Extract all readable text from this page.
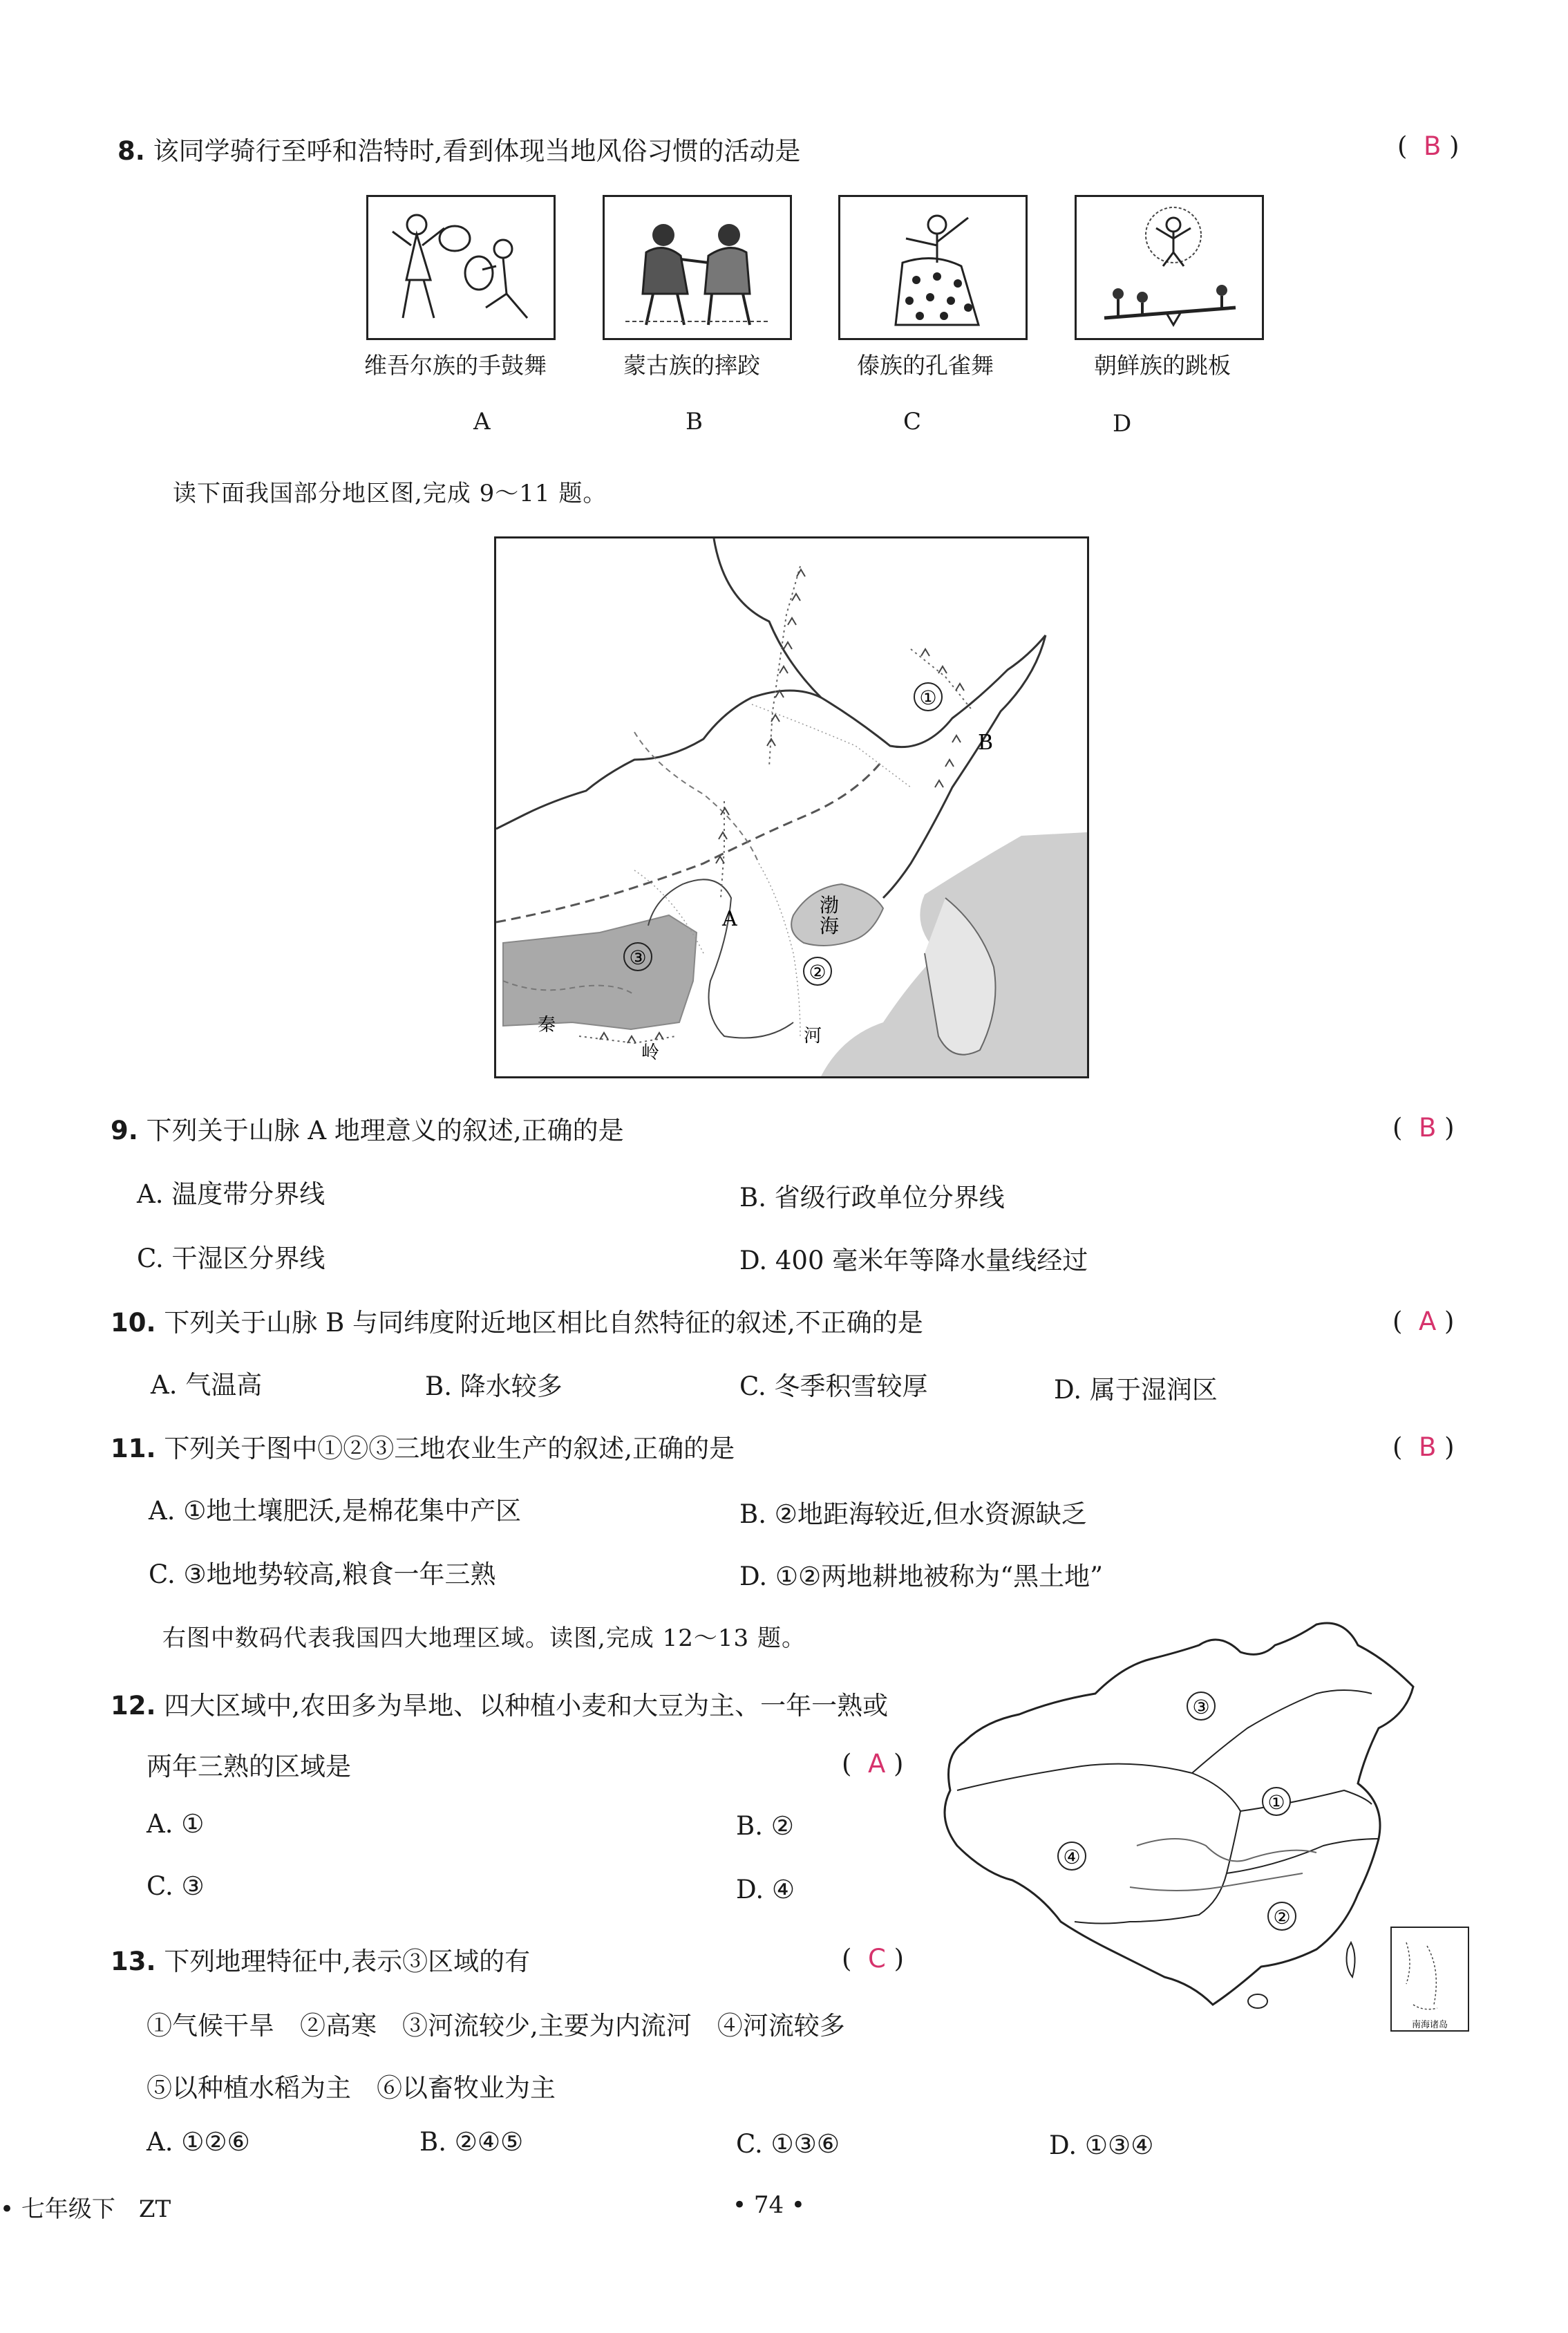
8. 该同学骑行至呼和浩特时,看到体现当地风俗习惯的活动是	(  B )
维吾尔族的手鼓舞	蒙古族的摔跤	傣族的孔雀舞	朝鲜族的跳板
A	B	C	D
读下面我国部分地区图,完成 9～11 题。
①
②
③
B
A
渤
海
秦
岭
河
9. 下列关于山脉 A 地理意义的叙述,正确的是	(  B )
A. 温度带分界线	B. 省级行政单位分界线
C. 干湿区分界线	D. 400 毫米年等降水量线经过
10. 下列关于山脉 B 与同纬度附近地区相比自然特征的叙述,不正确的是	(  A )
A. 气温高	B. 降水较多	C. 冬季积雪较厚	D. 属于湿润区
11. 下列关于图中①②③三地农业生产的叙述,正确的是	(  B )
A. ①地土壤肥沃,是棉花集中产区	B. ②地距海较近,但水资源缺乏
C. ③地地势较高,粮食一年三熟	D. ①②两地耕地被称为“黑土地”
右图中数码代表我国四大地理区域。读图,完成 12～13 题。
12. 四大区域中,农田多为旱地、以种植小麦和大豆为主、一年一熟或
两年三熟的区域是	(  A )
A. ①	B. ②
C. ③	D. ④
13. 下列地理特征中,表示③区域的有	(  C )
①气候干旱　②高寒　③河流较少,主要为内流河　④河流较多
⑤以种植水稻为主　⑥以畜牧业为主
A. ①②⑥	B. ②④⑤	C. ①③⑥	D. ①③④
①
②
③
④
南海诸岛
• 七年级下　ZT	• 74 •
